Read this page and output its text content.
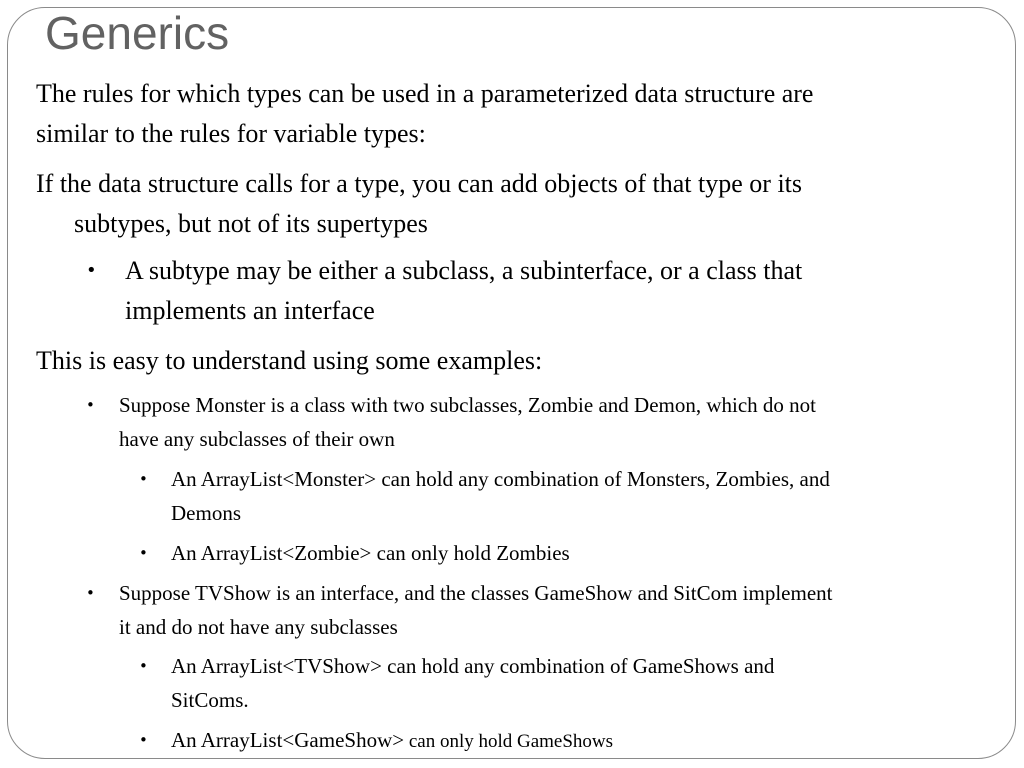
Generics

The rules for which types can be used in a parameterized data structure are
similar to the rules for variable types:

If the data structure calls for a type, you can add objects of that type or its
subtypes, but not of its supertypes

• A subtype may be either a subclass, a subinterface, or a class that
implements an interface

This is easy to understand using some examples:

• Suppose Monster is a class with two subclasses, Zombie and Demon, which do not
have any subclasses of their own

• An ArrayList<Monster> can hold any combination of Monsters, Zombies, and
Demons

• An ArrayList<Zombie> can only hold Zombies

• Suppose TVShow is an interface, and the classes GameShow and SitCom implement
it and do not have any subclasses

• An ArrayList<TVShow> can hold any combination of GameShows and
SitComs.

• An ArrayList<GameShow> can only hold GameShows
